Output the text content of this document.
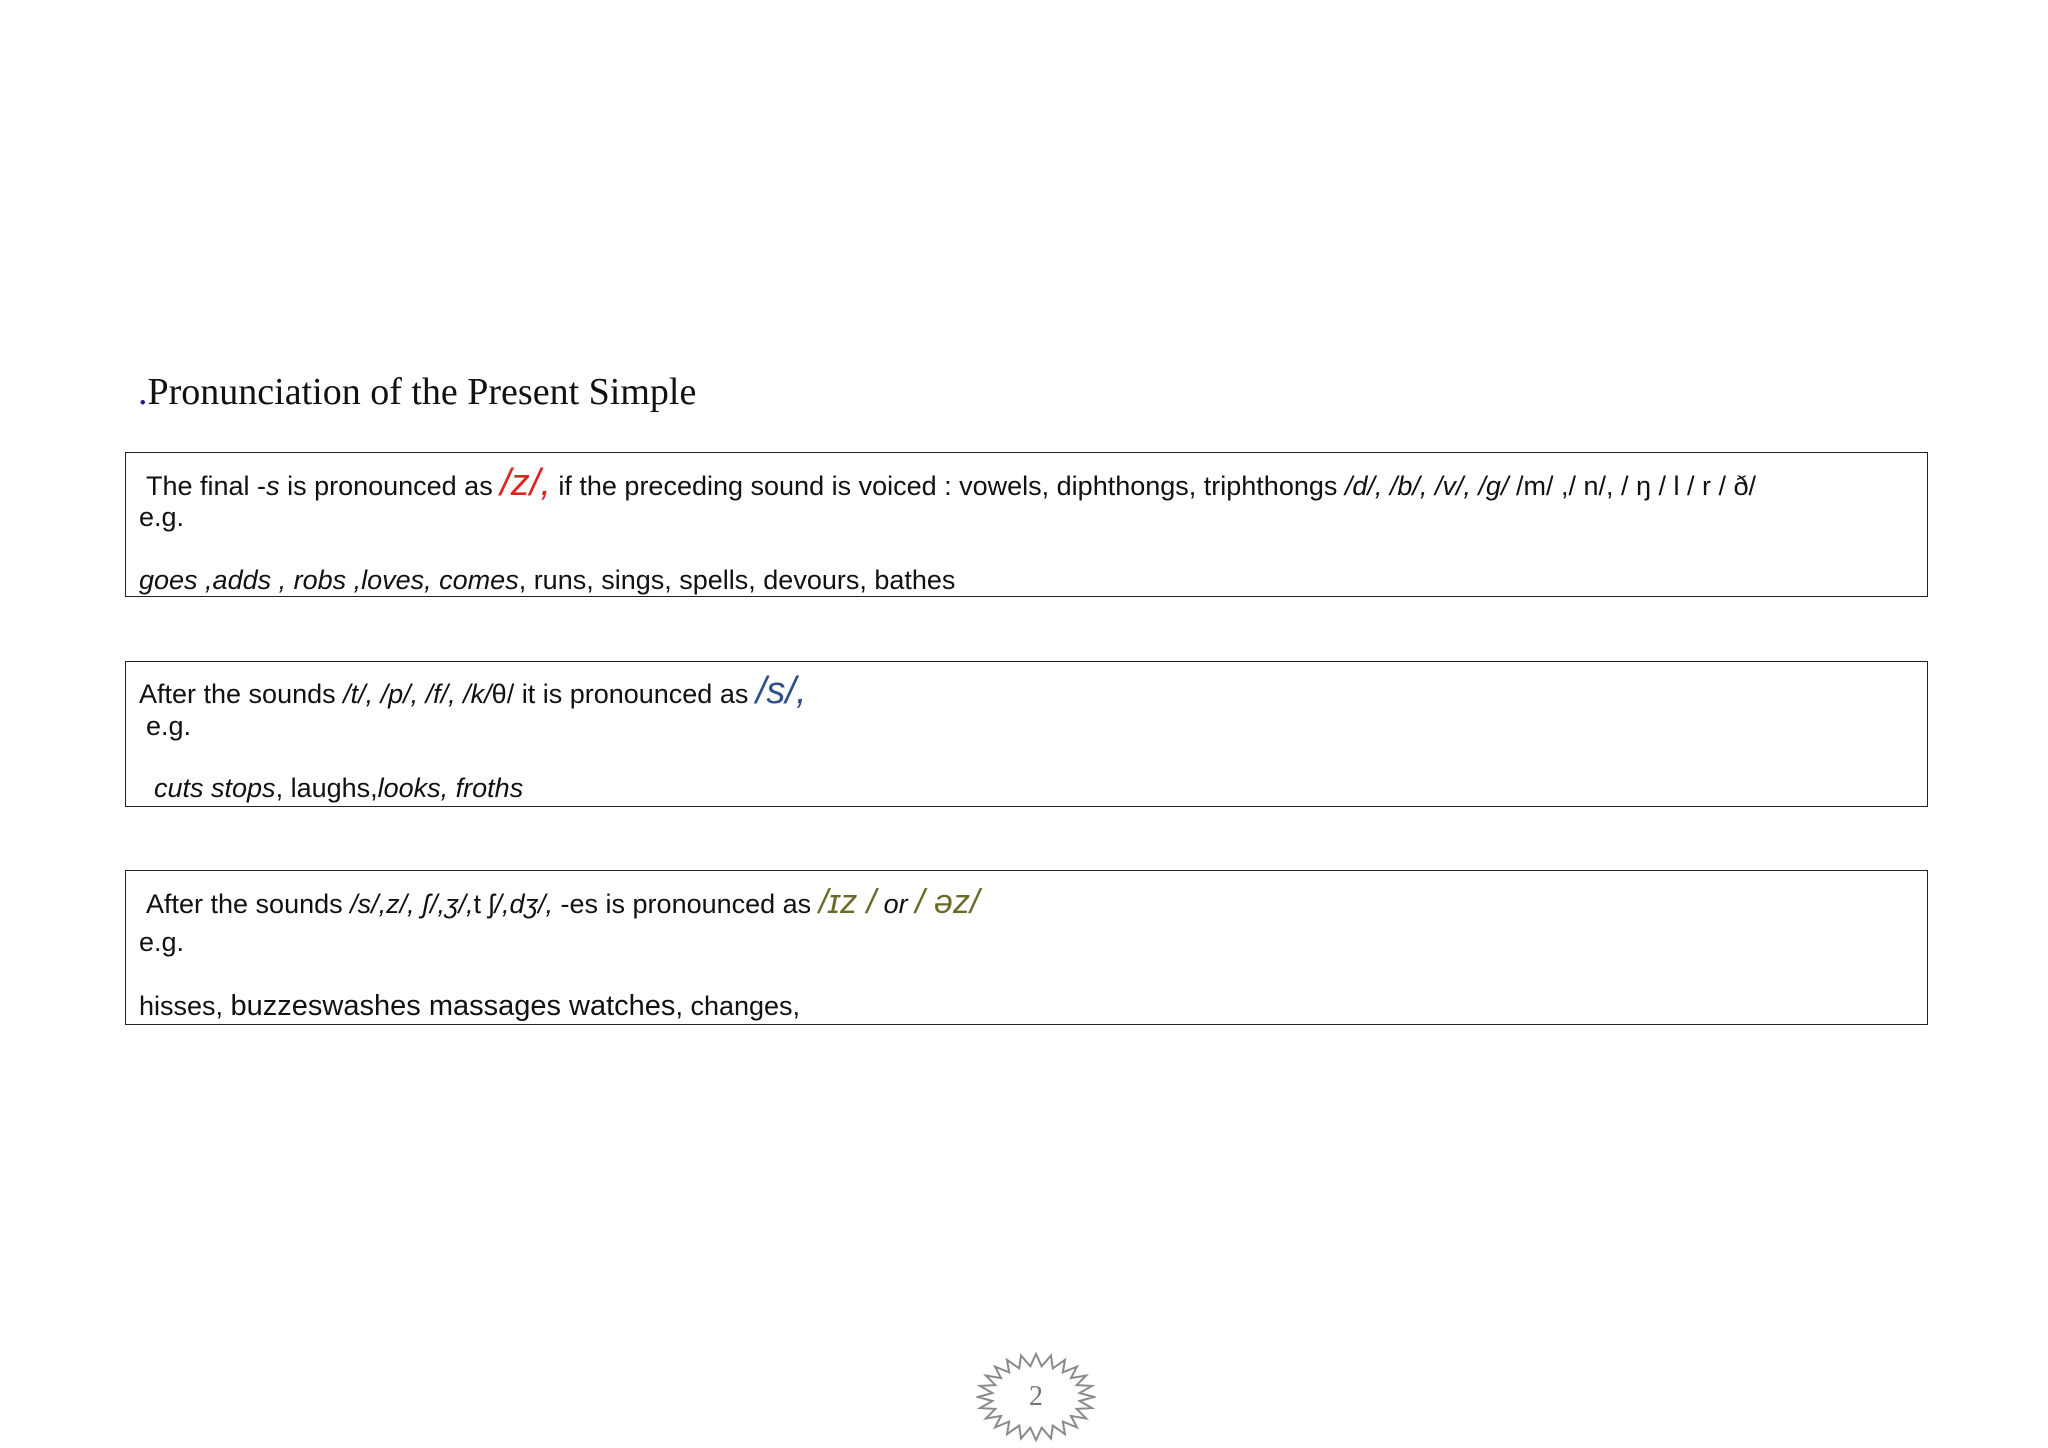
.Pronunciation of the Present Simple
The final -s is pronounced as /z/, if the preceding sound is voiced : vowels, diphthongs, triphthongs /d/, /b/, /v/, /g/ /m/ ,/ n/, / ŋ / l / r / ð/
e.g.
goes ,adds , robs ,loves, comes, runs, sings, spells, devours, bathes
After the sounds /t/, /p/, /f/, /k/θ/ it is pronounced as /s/,
e.g.
cuts stops, laughs,looks, froths
After the sounds /s/,z/, ʃ/,ʒ/,t ʃ/,dʒ/, -es is pronounced as /ɪz / or / əz/
e.g.
hisses, buzzeswashes massages watches, changes,
2
